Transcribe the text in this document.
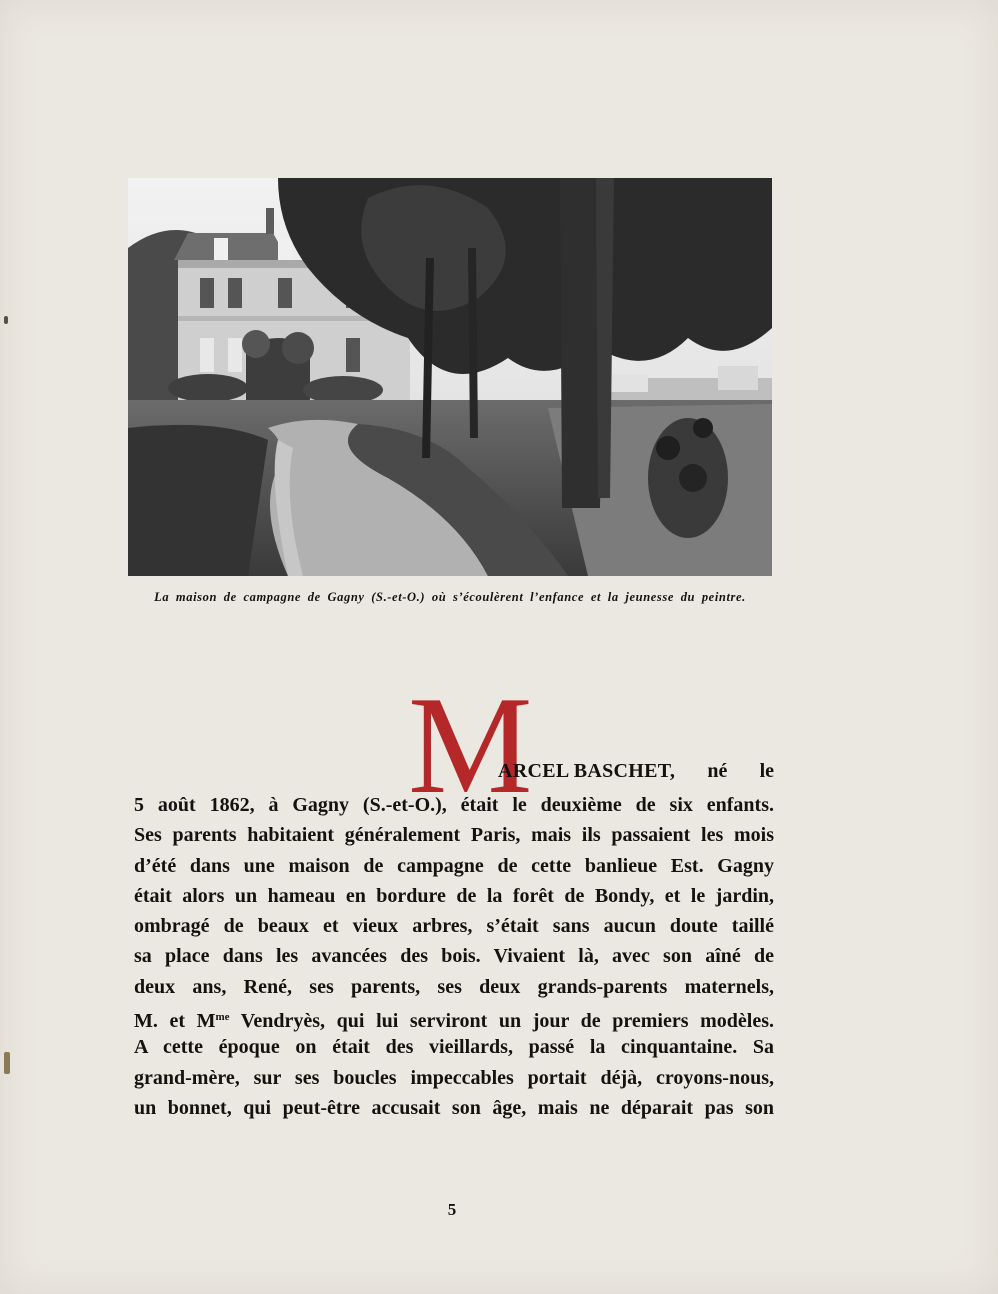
La maison de campagne de Gagny (S.-et-O.) où s’écoulèrent l’enfance et la jeunesse du peintre.
M
ARCEL BASCHET, né le
5 août 1862, à Gagny (S.-et-O.), était le deuxième de six enfants.
Ses parents habitaient généralement Paris, mais ils passaient les mois
d’été dans une maison de campagne de cette banlieue Est. Gagny
était alors un hameau en bordure de la forêt de Bondy, et le jardin,
ombragé de beaux et vieux arbres, s’était sans aucun doute taillé
sa place dans les avancées des bois. Vivaient là, avec son aîné de
deux ans, René, ses parents, ses deux grands-parents maternels,
M. et $M^{me}$ Vendryès, qui lui serviront un jour de premiers modèles.
A cette époque on était des vieillards, passé la cinquantaine. Sa
grand-mère, sur ses boucles impeccables portait déjà, croyons-nous,
un bonnet, qui peut-être accusait son âge, mais ne déparait pas son
5
